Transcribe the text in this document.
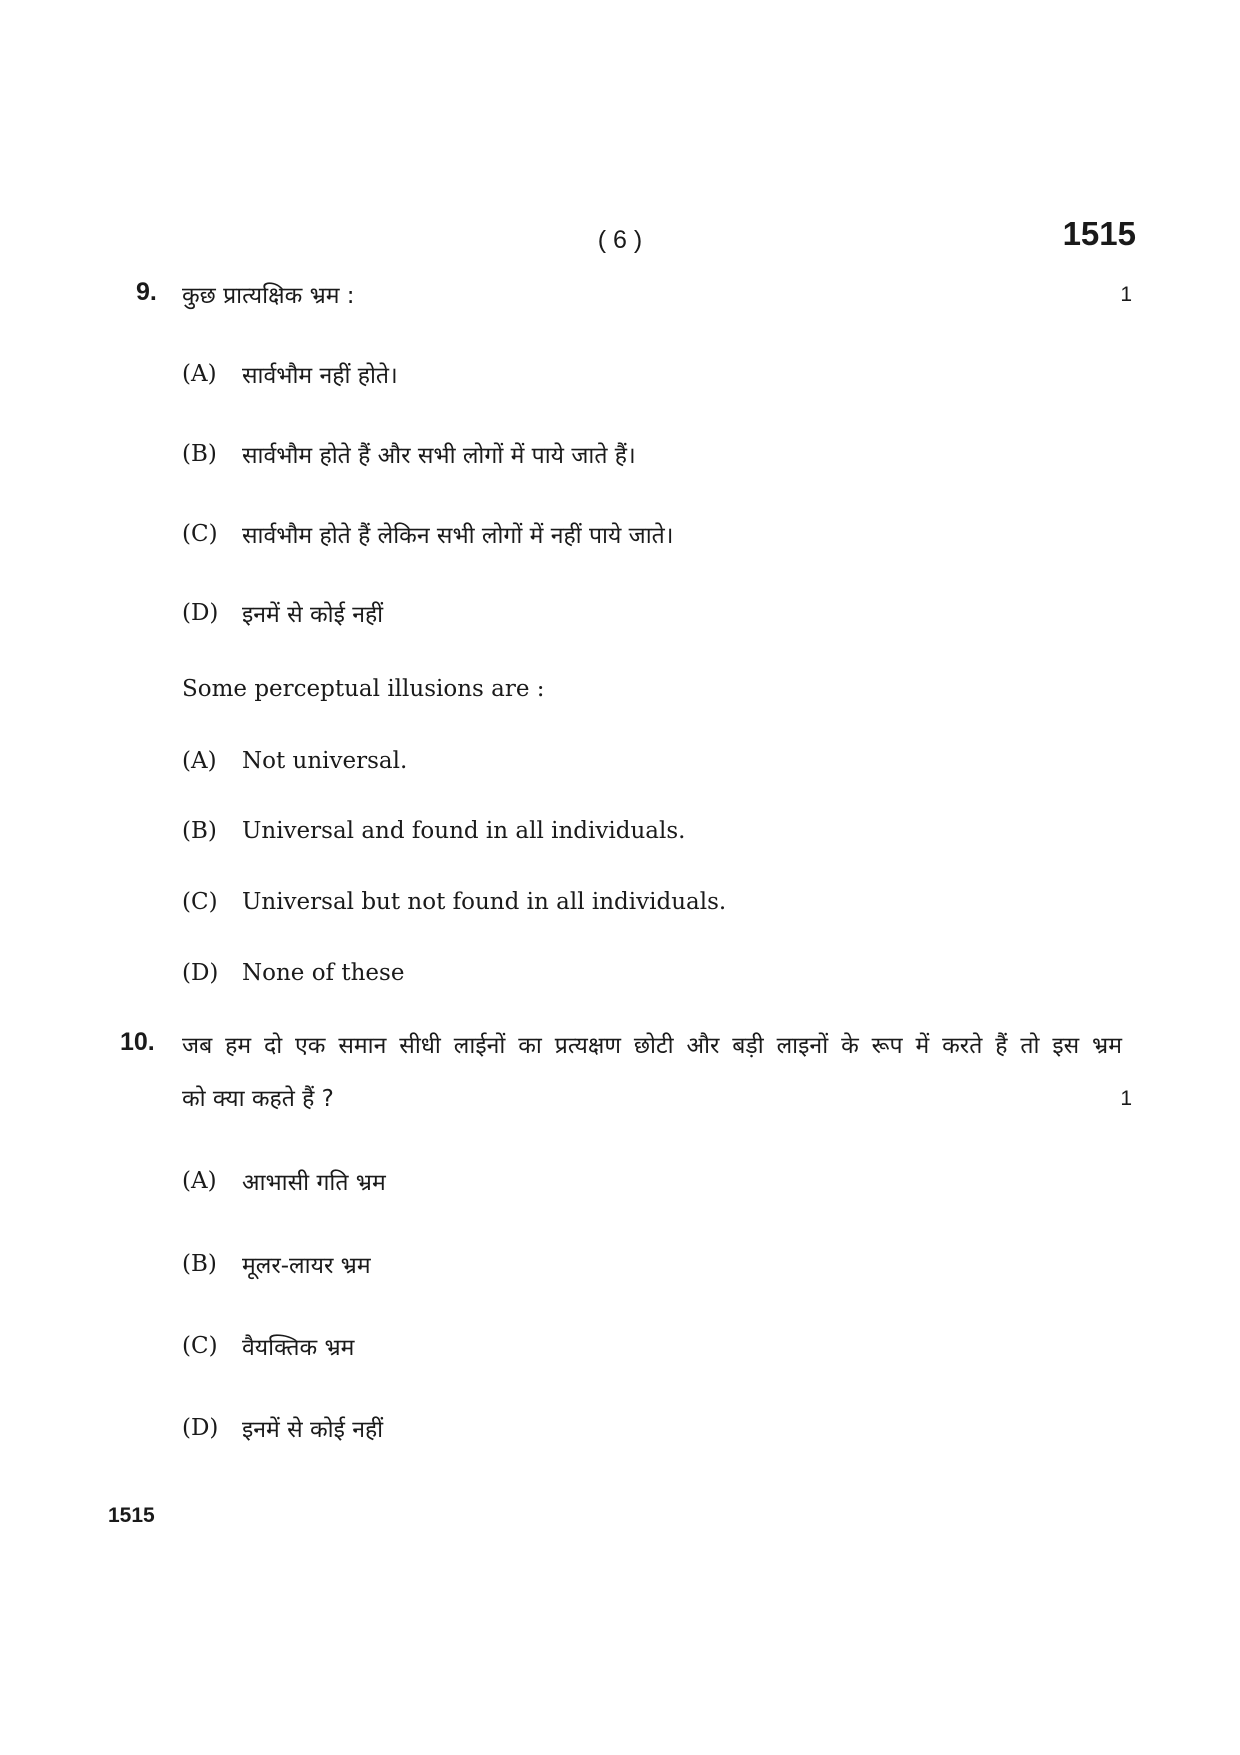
( 6 )	1515
9. कुछ प्रात्यक्षिक भ्रम :	1
(A) सार्वभौम नहीं होते।
(B) सार्वभौम होते हैं और सभी लोगों में पाये जाते हैं।
(C) सार्वभौम होते हैं लेकिन सभी लोगों में नहीं पाये जाते।
(D) इनमें से कोई नहीं
Some perceptual illusions are :
(A) Not universal.
(B) Universal and found in all individuals.
(C) Universal but not found in all individuals.
(D) None of these
10. जब हम दो एक समान सीधी लाईनों का प्रत्यक्षण छोटी और बड़ी लाइनों के रूप में करते हैं तो इस भ्रम
को क्या कहते हैं ?	1
(A) आभासी गति भ्रम
(B) मूलर-लायर भ्रम
(C) वैयक्तिक भ्रम
(D) इनमें से कोई नहीं
1515
